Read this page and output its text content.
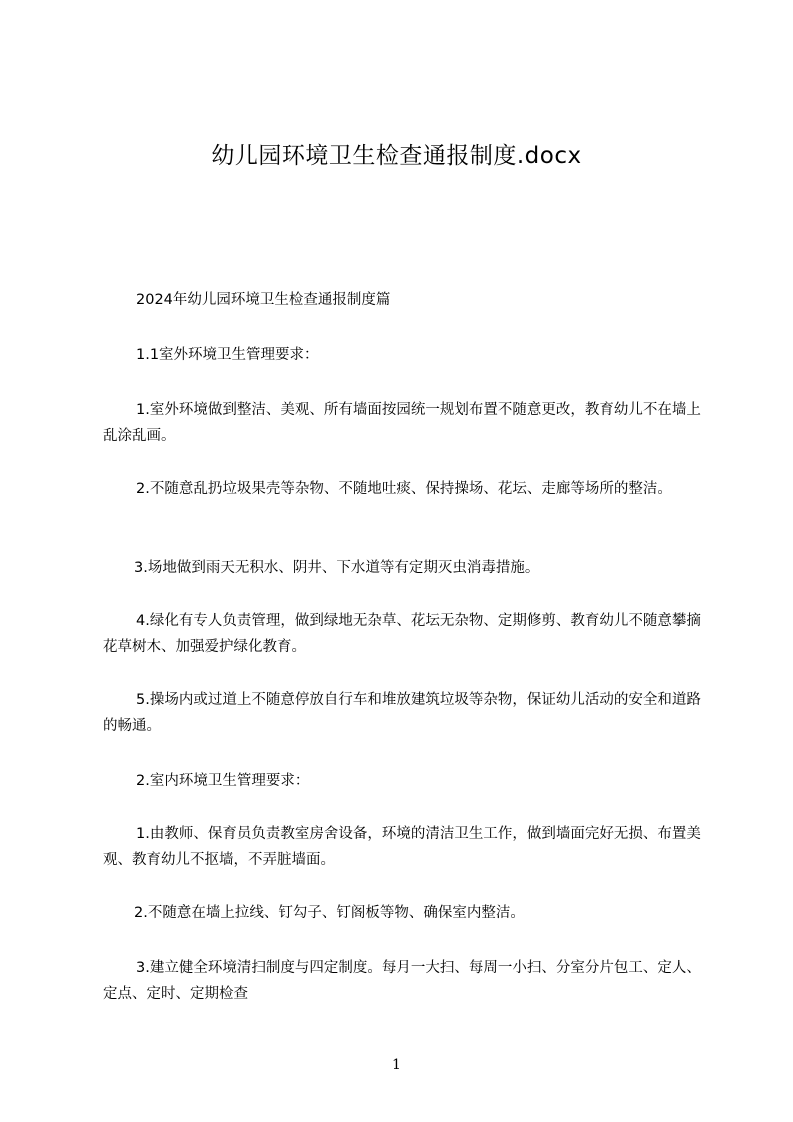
幼儿园环境卫生检查通报制度.docx

2024年幼儿园环境卫生检查通报制度篇

1.1室外环境卫生管理要求：

1.室外环境做到整洁、美观、所有墙面按园统一规划布置不随意更改，教育幼儿不在墙上乱涂乱画。

2.不随意乱扔垃圾果壳等杂物、不随地吐痰、保持操场、花坛、走廊等场所的整洁。

3.场地做到雨天无积水、阴井、下水道等有定期灭虫消毒措施。

4.绿化有专人负责管理，做到绿地无杂草、花坛无杂物、定期修剪、教育幼儿不随意攀摘花草树木、加强爱护绿化教育。

5.操场内或过道上不随意停放自行车和堆放建筑垃圾等杂物，保证幼儿活动的安全和道路的畅通。

2.室内环境卫生管理要求：

1.由教师、保育员负责教室房舍设备，环境的清洁卫生工作，做到墙面完好无损、布置美观、教育幼儿不抠墙，不弄脏墙面。

2.不随意在墙上拉线、钉勾子、钉阁板等物、确保室内整洁。

3.建立健全环境清扫制度与四定制度。每月一大扫、每周一小扫、分室分片包工、定人、定点、定时、定期检查

1
